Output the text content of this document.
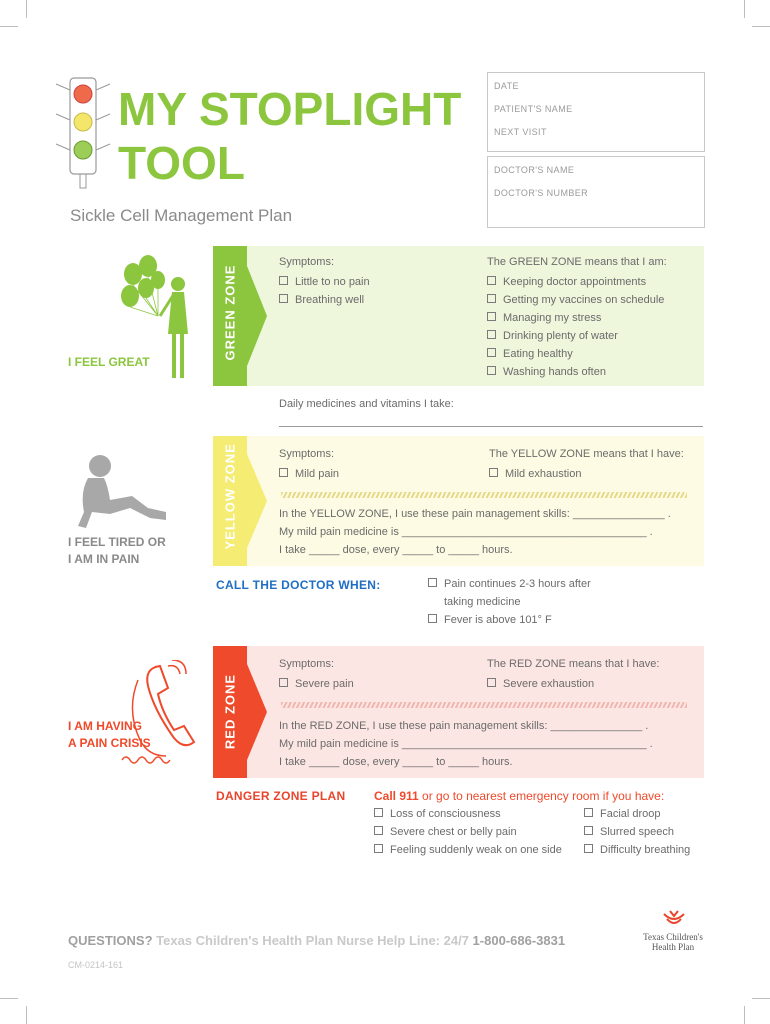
MY STOPLIGHT
TOOL
Sickle Cell Management Plan
DATE
PATIENT'S NAME
NEXT VISIT
DOCTOR'S NAME
DOCTOR'S NUMBER
I FEEL GREAT
GREEN ZONE
Symptoms:
Little to no pain
Breathing well
The GREEN ZONE means that I am:
Keeping doctor appointments
Getting my vaccines on schedule
Managing my stress
Drinking plenty of water
Eating healthy
Washing hands often
Daily medicines and vitamins I take:
I FEEL TIRED OR
I AM IN PAIN
YELLOW ZONE	Symptoms:
Mild pain
The YELLOW ZONE means that I have:
Mild exhaustion
In the YELLOW ZONE, I use these pain management skills: _______________ .
My mild pain medicine is ________________________________________ .
I take _____ dose, every _____ to _____ hours.
CALL THE DOCTOR WHEN:	Pain continues 2-3 hours after
taking medicine
Fever is above 101° F
I AM HAVING
A PAIN CRISIS	RED ZONE
Symptoms:
Severe pain
The RED ZONE means that I have:
Severe exhaustion
In the RED ZONE, I use these pain management skills: _______________ .
My mild pain medicine is ________________________________________ .
I take _____ dose, every _____ to _____ hours.
DANGER ZONE PLAN Call 911 or go to nearest emergency room if you have:
Loss of consciousness
Severe chest or belly pain
Feeling suddenly weak on one side
Facial droop
Slurred speech
Difficulty breathing
QUESTIONS? Texas Children's Health Plan Nurse Help Line: 24/7 1-800-686-3831	Texas Children's
Health Plan
CM-0214-161
